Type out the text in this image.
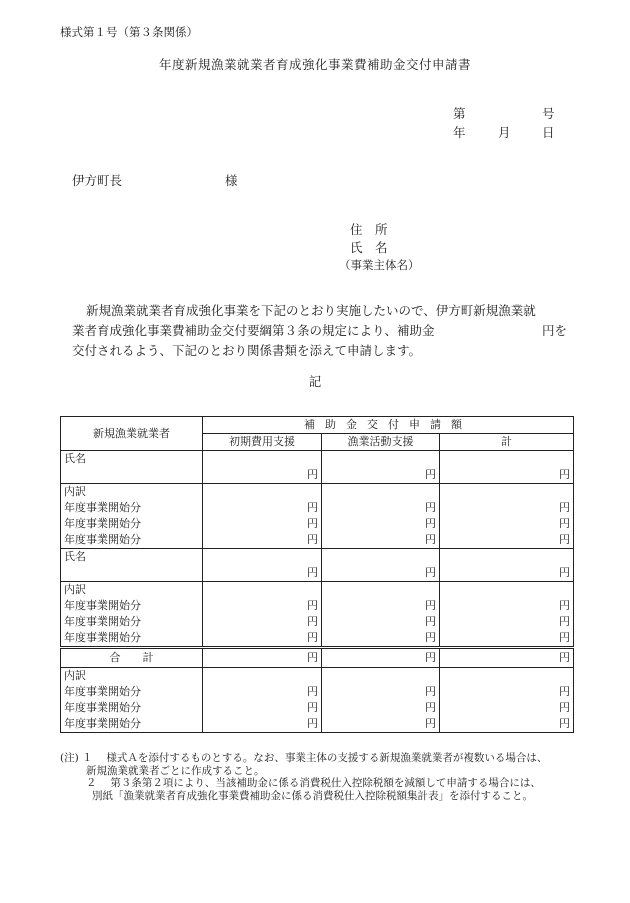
様式第１号（第３条関係）
年度新規漁業就業者育成強化事業費補助金交付申請書
第	号
年	月	日
伊方町長	様
住　所
氏　名
（事業主体名）
新規漁業就業者育成強化事業を下記のとおり実施したいので、伊方町新規漁業就
業者育成強化事業費補助金交付要綱第３条の規定により、補助金	円を
交付されるよう、下記のとおり関係書類を添えて申請します。
記
新規漁業就業者	補助金交付申請額		
	初期費用支援	漁業活動支援	計
氏名			
	円	円	円
内訳			
年度事業開始分	円	円	円
年度事業開始分	円	円	円
年度事業開始分	円	円	円
氏名			
	円	円	円
内訳			
年度事業開始分	円	円	円
年度事業開始分	円	円	円
年度事業開始分	円	円	円
合　　計	円	円	円
内訳			
年度事業開始分	円	円	円
年度事業開始分	円	円	円
年度事業開始分	円	円	円
(注) １　 様式Ａを添付するものとする。なお、事業主体の支援する新規漁業就業者が複数いる場合は、
新規漁業就業者ごとに作成すること。
２　 第３条第２項により、当該補助金に係る消費税仕入控除税額を減額して申請する場合には、
別紙「漁業就業者育成強化事業費補助金に係る消費税仕入控除税額集計表」を添付すること。
